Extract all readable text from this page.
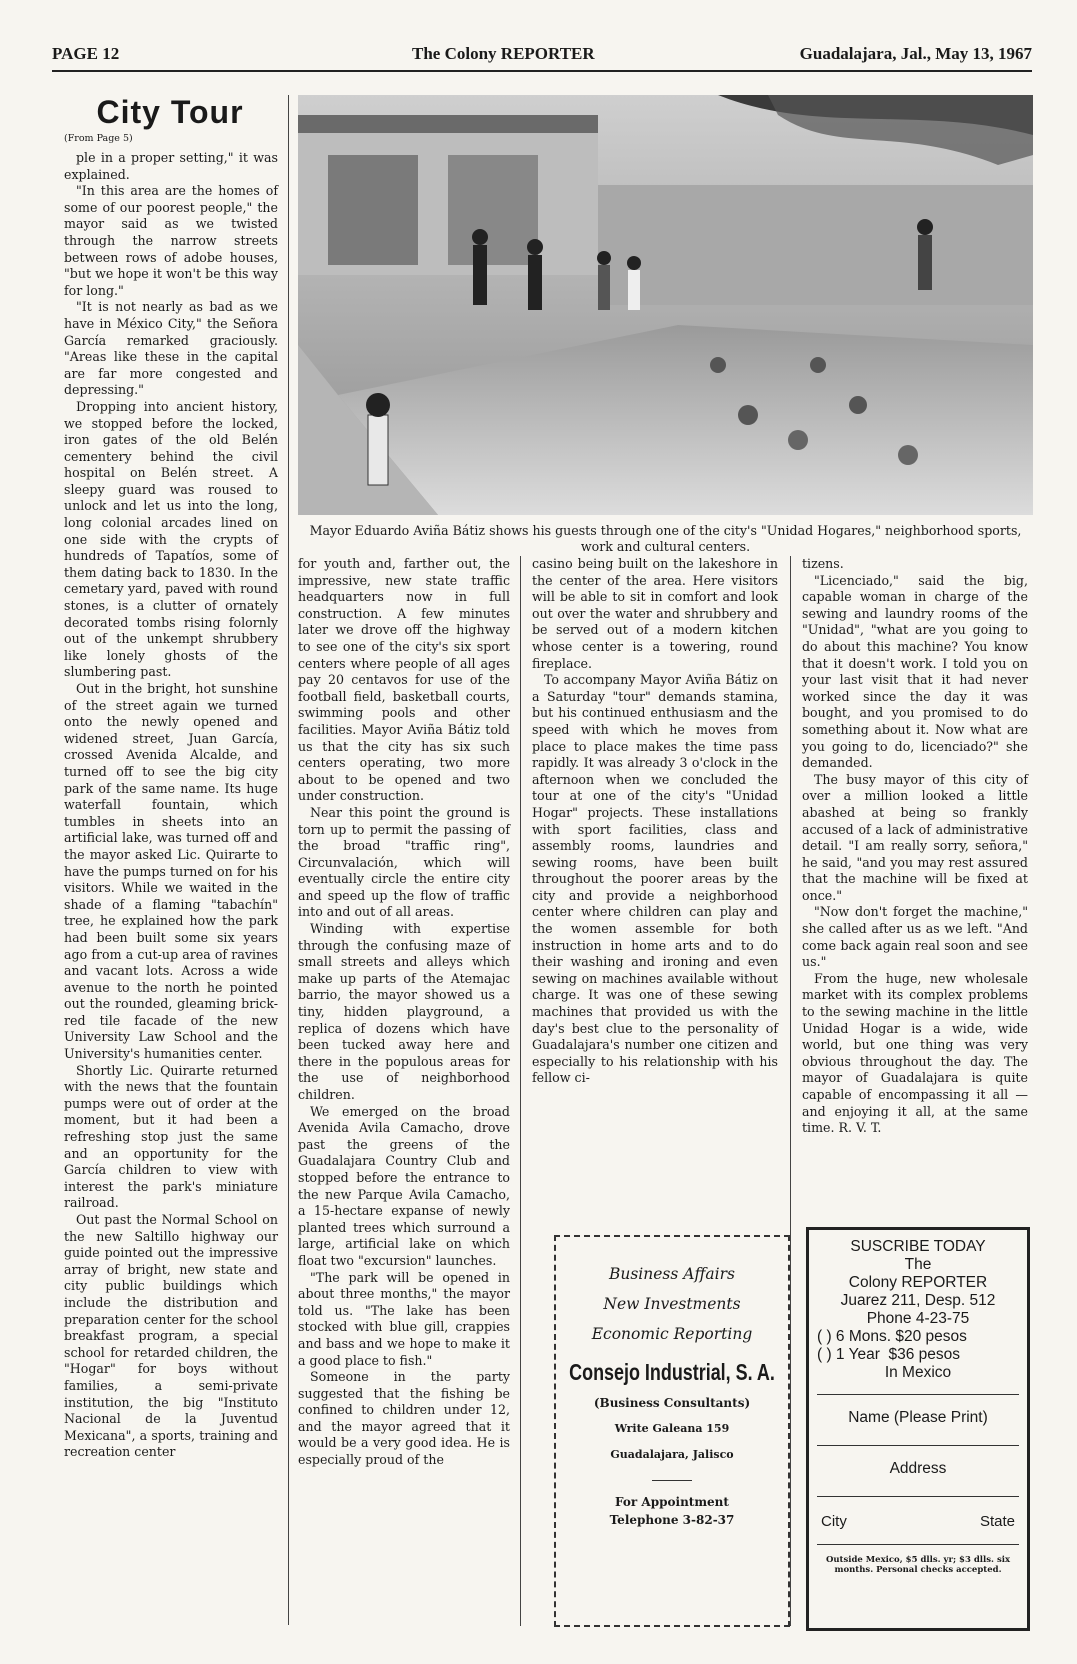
PAGE 12	The Colony REPORTER	Guadalajara, Jal., May 13, 1967
City Tour
(From Page 5)

ple in a proper setting," it was explained.

"In this area are the homes of some of our poorest people," the mayor said as we twisted through the narrow streets between rows of adobe houses, "but we hope it won't be this way for long."

"It is not nearly as bad as we have in México City," the Señora García remarked graciously. "Areas like these in the capital are far more congested and depressing."

Dropping into ancient history, we stopped before the locked, iron gates of the old Belén cementery behind the civil hospital on Belén street. A sleepy guard was roused to unlock and let us into the long, long colonial arcades lined on one side with the crypts of hundreds of Tapatíos, some of them dating back to 1830. In the cemetary yard, paved with round stones, is a clutter of ornately decorated tombs rising folornly out of the unkempt shrubbery like lonely ghosts of the slumbering past.

Out in the bright, hot sunshine of the street again we turned onto the newly opened and widened street, Juan García, crossed Avenida Alcalde, and turned off to see the big city park of the same name. Its huge waterfall fountain, which tumbles in sheets into an artificial lake, was turned off and the mayor asked Lic. Quirarte to have the pumps turned on for his visitors. While we waited in the shade of a flaming "tabachín" tree, he explained how the park had been built some six years ago from a cut-up area of ravines and vacant lots. Across a wide avenue to the north he pointed out the rounded, gleaming brick-red tile facade of the new University Law School and the University's humanities center.

Shortly Lic. Quirarte returned with the news that the fountain pumps were out of order at the moment, but it had been a refreshing stop just the same and an opportunity for the García children to view with interest the park's miniature railroad.

Out past the Normal School on the new Saltillo highway our guide pointed out the impressive array of bright, new state and city public buildings which include the distribution and preparation center for the school breakfast program, a special school for retarded children, the "Hogar" for boys without families, a semi-private institution, the big "Instituto Nacional de la Juventud Mexicana", a sports, training and recreation center

Mayor Eduardo Aviña Bátiz shows his guests through one of the city's "Unidad Hogares," neighborhood sports, work and cultural centers.

for youth and, farther out, the impressive, new state traffic headquarters now in full construction. A few minutes later we drove off the highway to see one of the city's six sport centers where people of all ages pay 20 centavos for use of the football field, basketball courts, swimming pools and other facilities. Mayor Aviña Bátiz told us that the city has six such centers operating, two more about to be opened and two under construction.

Near this point the ground is torn up to permit the passing of the broad "traffic ring", Circunvalación, which will eventually circle the entire city and speed up the flow of traffic into and out of all areas.

Winding with expertise through the confusing maze of small streets and alleys which make up parts of the Atemajac barrio, the mayor showed us a tiny, hidden playground, a replica of dozens which have been tucked away here and there in the populous areas for the use of neighborhood children.

We emerged on the broad Avenida Avila Camacho, drove past the greens of the Guadalajara Country Club and stopped before the entrance to the new Parque Avila Camacho, a 15-hectare expanse of newly planted trees which surround a large, artificial lake on which float two "excursion" launches.

"The park will be opened in about three months," the mayor told us. "The lake has been stocked with blue gill, crappies and bass and we hope to make it a good place to fish."

Someone in the party suggested that the fishing be confined to children under 12, and the mayor agreed that it would be a very good idea. He is especially proud of the

casino being built on the lakeshore in the center of the area. Here visitors will be able to sit in comfort and look out over the water and shrubbery and be served out of a modern kitchen whose center is a towering, round fireplace.

To accompany Mayor Aviña Bátiz on a Saturday "tour" demands stamina, but his continued enthusiasm and the speed with which he moves from place to place makes the time pass rapidly. It was already 3 o'clock in the afternoon when we concluded the tour at one of the city's "Unidad Hogar" projects. These installations with sport facilities, class and assembly rooms, laundries and sewing rooms, have been built throughout the poorer areas by the city and provide a neighborhood center where children can play and the women assemble for both instruction in home arts and to do their washing and ironing and even sewing on machines available without charge. It was one of these sewing machines that provided us with the day's best clue to the personality of Guadalajara's number one citizen and especially to his relationship with his fellow ci-

tizens.

"Licenciado," said the big, capable woman in charge of the sewing and laundry rooms of the "Unidad", "what are you going to do about this machine? You know that it doesn't work. I told you on your last visit that it had never worked since the day it was bought, and you promised to do something about it. Now what are you going to do, licenciado?" she demanded.

The busy mayor of this city of over a million looked a little abashed at being so frankly accused of a lack of administrative detail. "I am really sorry, señora," he said, "and you may rest assured that the machine will be fixed at once."

"Now don't forget the machine," she called after us as we left. "And come back again real soon and see us."

From the huge, new wholesale market with its complex problems to the sewing machine in the little Unidad Hogar is a wide, wide world, but one thing was very obvious throughout the day. The mayor of Guadalajara is quite capable of encompassing it all —and enjoying it all, at the same time. R. V. T.

Business Affairs
New Investments
Economic Reporting
Consejo Industrial, S. A.
(Business Consultants)
Write Galeana 159
Guadalajara, Jalisco
For Appointment
Telephone 3-82-37
SUSCRIBE TODAY
The
Colony REPORTER
Juarez 211, Desp. 512
Phone 4-23-75
( ) 6 Mons. $20 pesos
( ) 1 Year  $36 pesos
In Mexico
Name (Please Print)
Address
City	State
Outside Mexico, $5 dlls. yr; $3 dlls. six months. Personal checks accepted.
